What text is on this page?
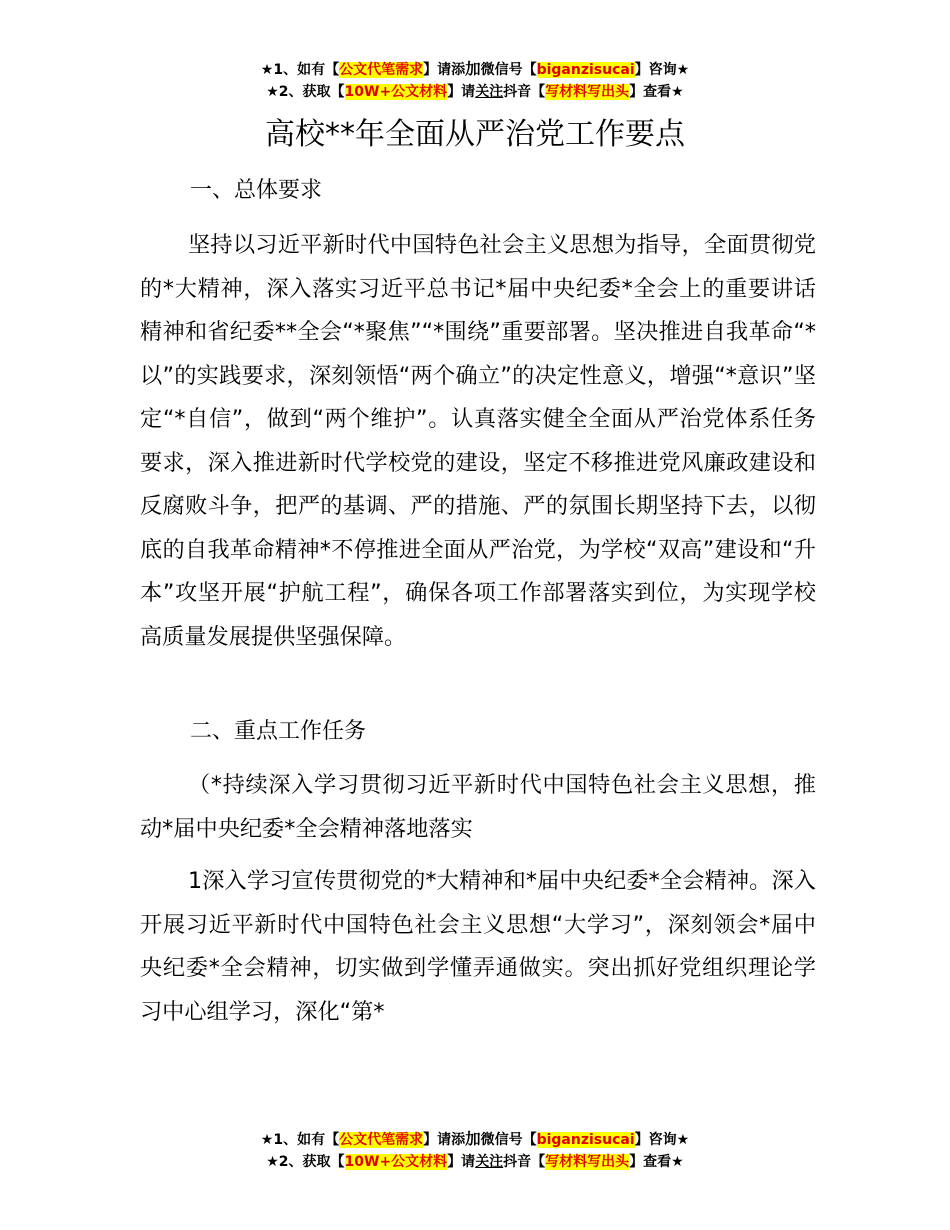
★1、如有【公文代笔需求】请添加微信号【biganzisucai】咨询★
★2、获取【10W+公文材料】请关注抖音【写材料写出头】查看★
高校**年全面从严治党工作要点
一、总体要求
坚持以习近平新时代中国特色社会主义思想为指导，全面贯彻党的*大精神，深入落实习近平总书记*届中央纪委*全会上的重要讲话精神和省纪委**全会“*聚焦”“*围绕”重要部署。坚决推进自我革命“*以”的实践要求，深刻领悟“两个确立”的决定性意义，增强“*意识”坚定“*自信”，做到“两个维护”。认真落实健全全面从严治党体系任务要求，深入推进新时代学校党的建设，坚定不移推进党风廉政建设和反腐败斗争，把严的基调、严的措施、严的氛围长期坚持下去，以彻底的自我革命精神*不停推进全面从严治党，为学校“双高”建设和“升本”攻坚开展“护航工程”，确保各项工作部署落实到位，为实现学校高质量发展提供坚强保障。
二、重点工作任务
（*持续深入学习贯彻习近平新时代中国特色社会主义思想，推动*届中央纪委*全会精神落地落实
1深入学习宣传贯彻党的*大精神和*届中央纪委*全会精神。深入开展习近平新时代中国特色社会主义思想“大学习”，深刻领会*届中央纪委*全会精神，切实做到学懂弄通做实。突出抓好党组织理论学习中心组学习，深化“第*
★1、如有【公文代笔需求】请添加微信号【biganzisucai】咨询★
★2、获取【10W+公文材料】请关注抖音【写材料写出头】查看★
